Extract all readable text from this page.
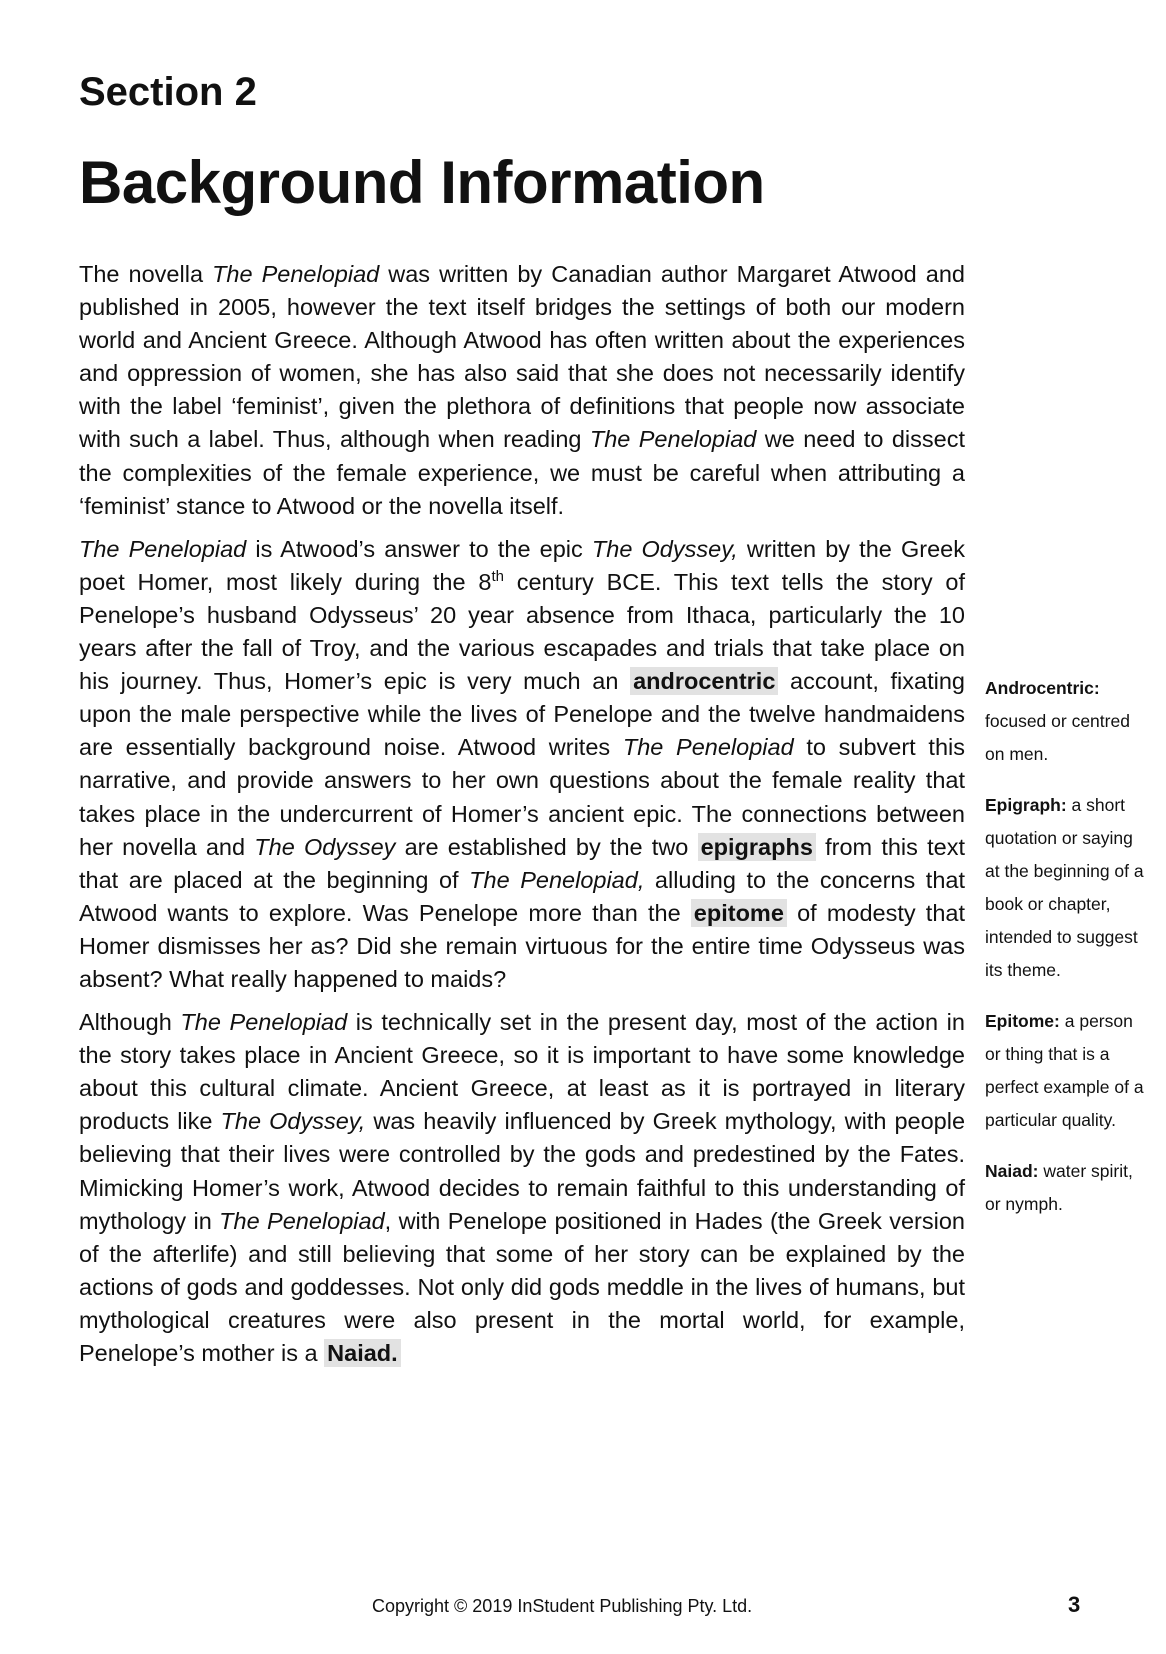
Section 2
Background Information

The novella The Penelopiad was written by Canadian author Margaret Atwood and published in 2005, however the text itself bridges the settings of both our modern world and Ancient Greece. Although Atwood has often written about the experiences and oppression of women, she has also said that she does not necessarily identify with the label ‘feminist’, given the plethora of definitions that people now associate with such a label. Thus, although when reading The Penelopiad we need to dissect the complexities of the female experience, we must be careful when attributing a ‘feminist’ stance to Atwood or the novella itself.

The Penelopiad is Atwood’s answer to the epic The Odyssey, written by the Greek poet Homer, most likely during the 8th century BCE. This text tells the story of Penelope’s husband Odysseus’ 20 year absence from Ithaca, particularly the 10 years after the fall of Troy, and the various escapades and trials that take place on his journey. Thus, Homer’s epic is very much an androcentric account, fixating upon the male perspective while the lives of Penelope and the twelve handmaidens are essentially background noise. Atwood writes The Penelopiad to subvert this narrative, and provide answers to her own questions about the female reality that takes place in the undercurrent of Homer’s ancient epic. The connections between her novella and The Odyssey are established by the two epigraphs from this text that are placed at the beginning of The Penelopiad, alluding to the concerns that Atwood wants to explore. Was Penelope more than the epitome of modesty that Homer dismisses her as? Did she remain virtuous for the entire time Odysseus was absent? What really happened to maids?

Although The Penelopiad is technically set in the present day, most of the action in the story takes place in Ancient Greece, so it is important to have some knowledge about this cultural climate. Ancient Greece, at least as it is portrayed in literary products like The Odyssey, was heavily influenced by Greek mythology, with people believing that their lives were controlled by the gods and predestined by the Fates. Mimicking Homer’s work, Atwood decides to remain faithful to this understanding of mythology in The Penelopiad, with Penelope positioned in Hades (the Greek version of the afterlife) and still believing that some of her story can be explained by the actions of gods and goddesses. Not only did gods meddle in the lives of humans, but mythological creatures were also present in the mortal world, for example, Penelope’s mother is a Naiad.

Androcentric: focused or centred on men.

Epigraph: a short quotation or saying at the beginning of a book or chapter, intended to suggest its theme.

Epitome: a person or thing that is a perfect example of a particular quality.

Naiad: water spirit, or nymph.

Copyright © 2019 InStudent Publishing Pty. Ltd.	3
